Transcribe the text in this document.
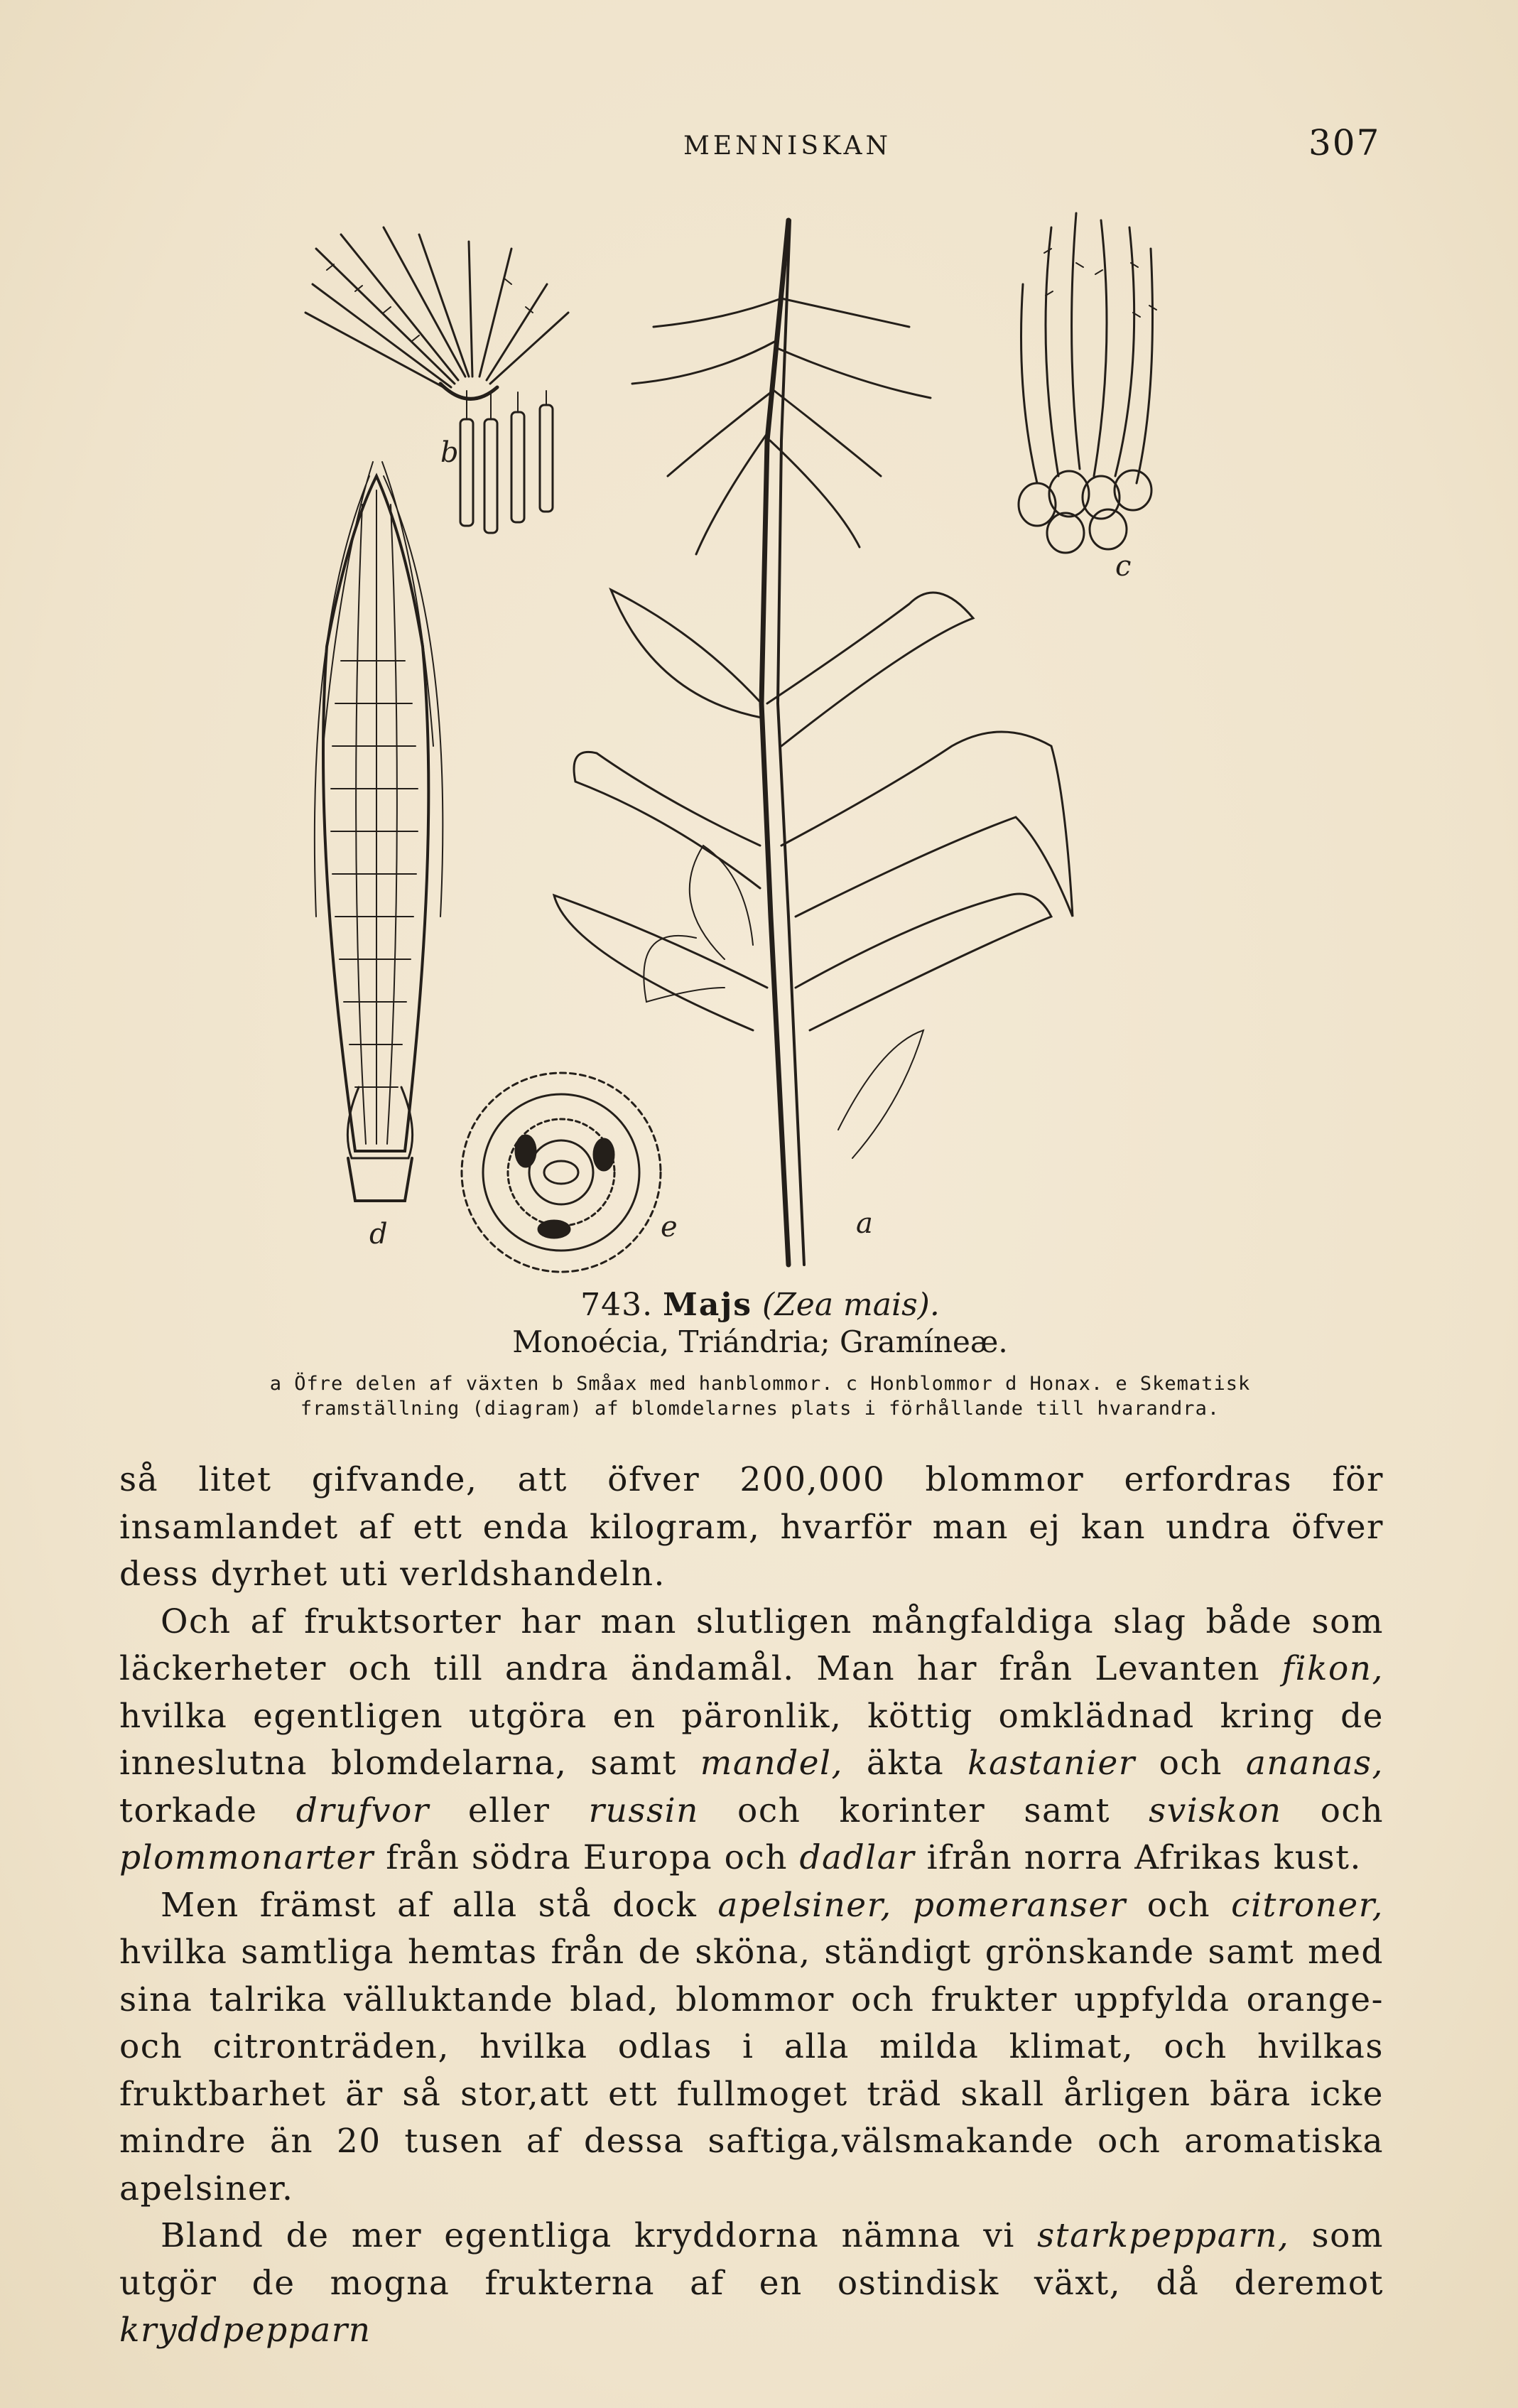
MENNISKAN	307
b
c
d	e	a
743. Majs (Zea mais).
Monoécia, Triándria; Gramíneæ.
a Öfre delen af växten b Småax med hanblommor. c Honblommor d Honax. e Skematisk framställning (diagram) af blomdelarnes plats i förhållande till hvarandra.

så litet gifvande, att öfver 200,000 blommor erfordras för insamlandet af ett enda kilogram, hvarför man ej kan undra öfver dess dyrhet uti verldshandeln.

Och af fruktsorter har man slutligen mångfaldiga slag både som läckerheter och till andra ändamål. Man har från Levanten fikon, hvilka egentligen utgöra en päronlik, köttig omklädnad kring de inneslutna blomdelarna, samt mandel, äkta kastanier och ananas, torkade drufvor eller russin och korinter samt sviskon och plommonarter från södra Europa och dadlar ifrån norra Afrikas kust.

Men främst af alla stå dock apelsiner, pomeranser och citroner, hvilka samtliga hemtas från de sköna, ständigt grönskande samt med sina talrika välluktande blad, blommor och frukter uppfylda orange- och citronträden, hvilka odlas i alla milda klimat, och hvilkas fruktbarhet är så stor,att ett fullmoget träd skall årligen bära icke mindre än 20 tusen af dessa saftiga,välsmakande och aromatiska apelsiner.

Bland de mer egentliga kryddorna nämna vi starkpepparn, som utgör de mogna frukterna af en ostindisk växt, då deremot kryddpepparn
